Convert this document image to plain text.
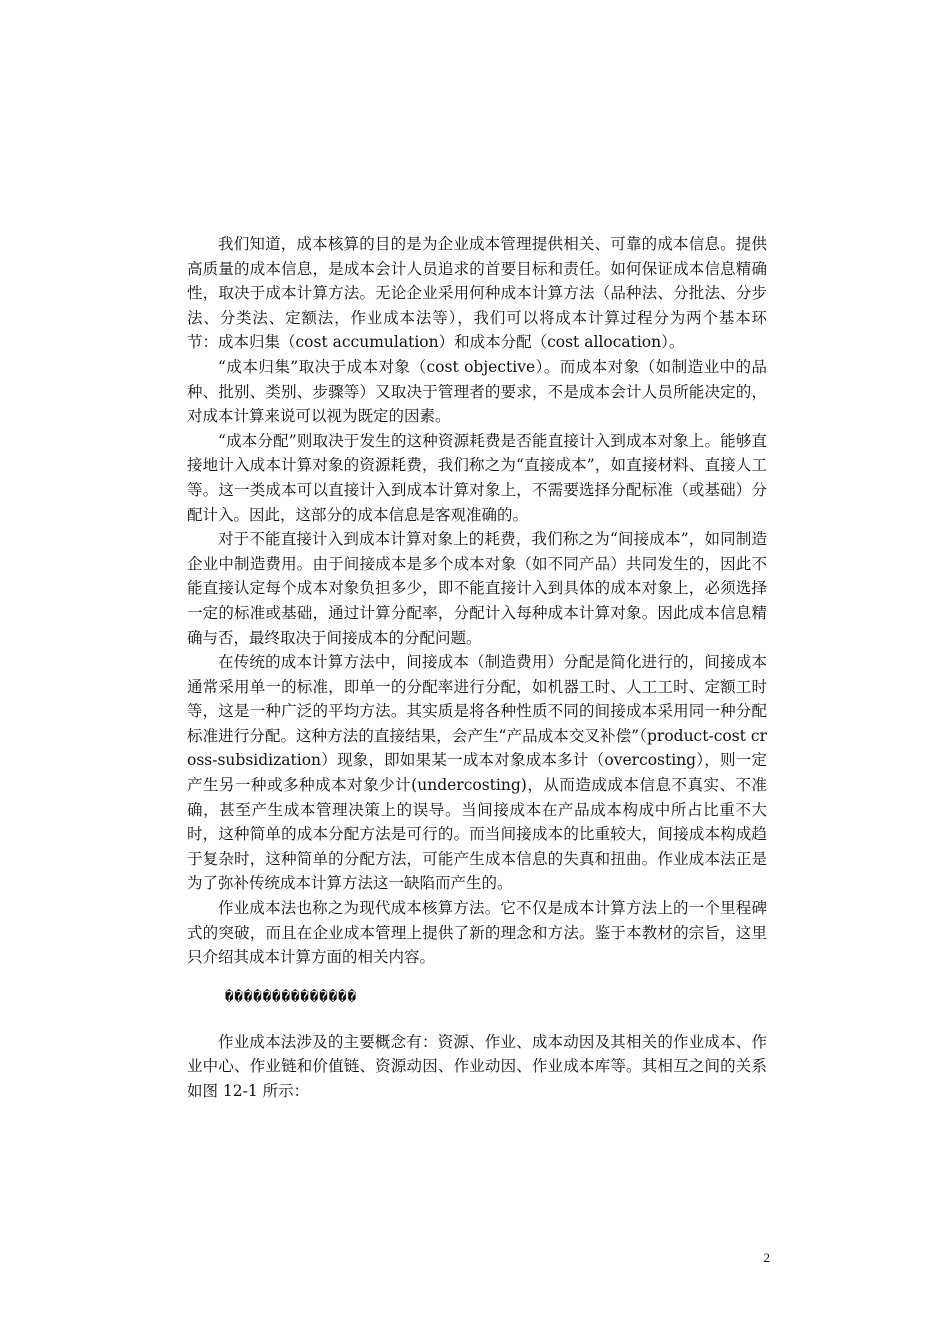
我们知道，成本核算的目的是为企业成本管理提供相关、可靠的成本信息。提供高质量的成本信息，是成本会计人员追求的首要目标和责任。如何保证成本信息精确性，取决于成本计算方法。无论企业采用何种成本计算方法（品种法、分批法、分步法、分类法、定额法，作业成本法等），我们可以将成本计算过程分为两个基本环节：成本归集（cost accumulation）和成本分配（cost allocation）。

“成本归集”取决于成本对象（cost objective）。而成本对象（如制造业中的品种、批别、类别、步骤等）又取决于管理者的要求，不是成本会计人员所能决定的，对成本计算来说可以视为既定的因素。

“成本分配”则取决于发生的这种资源耗费是否能直接计入到成本对象上。能够直接地计入成本计算对象的资源耗费，我们称之为“直接成本”，如直接材料、直接人工等。这一类成本可以直接计入到成本计算对象上，不需要选择分配标准（或基础）分配计入。因此，这部分的成本信息是客观准确的。

对于不能直接计入到成本计算对象上的耗费，我们称之为“间接成本”，如同制造企业中制造费用。由于间接成本是多个成本对象（如不同产品）共同发生的，因此不能直接认定每个成本对象负担多少，即不能直接计入到具体的成本对象上，必须选择一定的标准或基础，通过计算分配率，分配计入每种成本计算对象。因此成本信息精确与否，最终取决于间接成本的分配问题。

在传统的成本计算方法中，间接成本（制造费用）分配是简化进行的，间接成本通常采用单一的标准，即单一的分配率进行分配，如机器工时、人工工时、定额工时等，这是一种广泛的平均方法。其实质是将各种性质不同的间接成本采用同一种分配标准进行分配。这种方法的直接结果，会产生“产品成本交叉补偿”（product-cost cross-subsidization）现象，即如果某一成本对象成本多计（overcosting），则一定产生另一种或多种成本对象少计(undercosting)，从而造成成本信息不真实、不准确，甚至产生成本管理决策上的误导。当间接成本在产品成本构成中所占比重不大时，这种简单的成本分配方法是可行的。而当间接成本的比重较大，间接成本构成趋于复杂时，这种简单的分配方法，可能产生成本信息的失真和扭曲。作业成本法正是为了弥补传统成本计算方法这一缺陷而产生的。

作业成本法也称之为现代成本核算方法。它不仅是成本计算方法上的一个里程碑式的突破，而且在企业成本管理上提供了新的理念和方法。鉴于本教材的宗旨，这里只介绍其成本计算方面的相关内容。

��������������

作业成本法涉及的主要概念有：资源、作业、成本动因及其相关的作业成本、作业中心、作业链和价值链、资源动因、作业动因、作业成本库等。其相互之间的关系如图 12-1 所示：

2
